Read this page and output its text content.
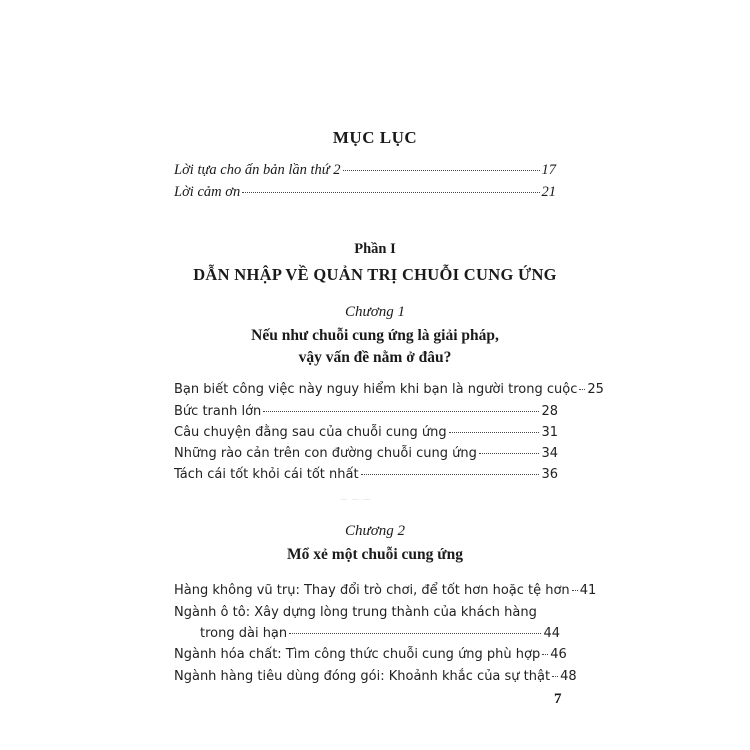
‒ ‒ ‒
MỤC LỤC
Lời tựa cho ấn bản lần thứ 2	17
Lời cảm ơn	21
Phần I
DẪN NHẬP VỀ QUẢN TRỊ CHUỖI CUNG ỨNG
Chương 1
Nếu như chuỗi cung ứng là giải pháp,
vậy vấn đề nằm ở đâu?
Bạn biết công việc này nguy hiểm khi bạn là người trong cuộc 25
Bức tranh lớn	28
Câu chuyện đằng sau của chuỗi cung ứng	31
Những rào cản trên con đường chuỗi cung ứng	34
Tách cái tốt khỏi cái tốt nhất	36
Chương 2
Mổ xẻ một chuỗi cung ứng
Hàng không vũ trụ: Thay đổi trò chơi, để tốt hơn hoặc tệ hơn 41
Ngành ô tô: Xây dựng lòng trung thành của khách hàng
trong dài hạn	44
Ngành hóa chất: Tìm công thức chuỗi cung ứng phù hợp 46
Ngành hàng tiêu dùng đóng gói: Khoảnh khắc của sự thật 48
7
